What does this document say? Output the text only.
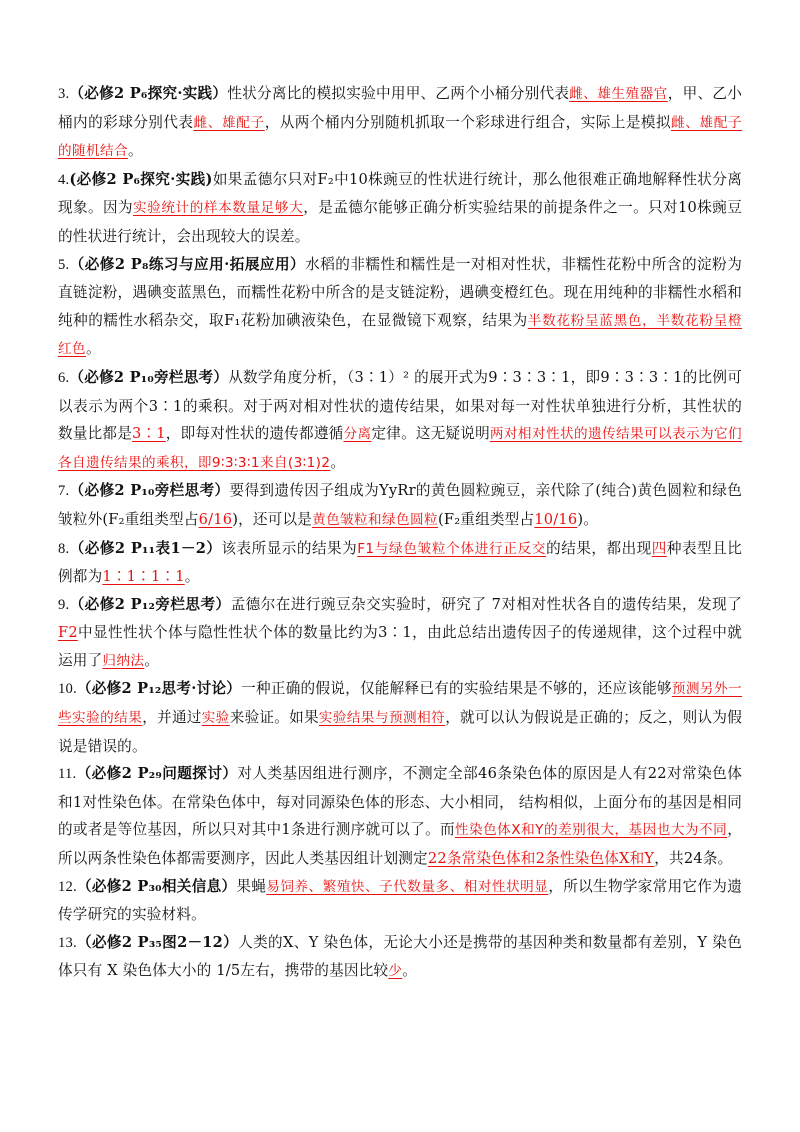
3.（必修2 P₆探究·实践）性状分离比的模拟实验中用甲、乙两个小桶分别代表雌、雄生殖器官，甲、乙小桶内的彩球分别代表雌、雄配子，从两个桶内分别随机抓取一个彩球进行组合，实际上是模拟雌、雄配子的随机结合。

4.(必修2 P₆探究·实践)如果孟德尔只对F₂中10株豌豆的性状进行统计，那么他很难正确地解释性状分离现象。因为实验统计的样本数量足够大，是孟德尔能够正确分析实验结果的前提条件之一。只对10株豌豆的性状进行统计，会出现较大的误差。

5.（必修2 P₈练习与应用·拓展应用）水稻的非糯性和糯性是一对相对性状，非糯性花粉中所含的淀粉为直链淀粉，遇碘变蓝黑色，而糯性花粉中所含的是支链淀粉，遇碘变橙红色。现在用纯种的非糯性水稻和纯种的糯性水稻杂交，取F₁花粉加碘液染色，在显微镜下观察，结果为半数花粉呈蓝黑色，半数花粉呈橙红色。

6.（必修2 P₁₀旁栏思考）从数学角度分析，（3∶1）² 的展开式为9∶3∶3∶1，即9∶3∶3∶1的比例可以表示为两个3∶1的乘积。对于两对相对性状的遗传结果，如果对每一对性状单独进行分析，其性状的数量比都是3∶1，即每对性状的遗传都遵循分离定律。这无疑说明两对相对性状的遗传结果可以表示为它们各自遗传结果的乘积，即9∶3∶3∶1来自(3∶1)2。

7.（必修2 P₁₀旁栏思考）要得到遗传因子组成为YyRr的黄色圆粒豌豆，亲代除了(纯合)黄色圆粒和绿色皱粒外(F₂重组类型占6/16)，还可以是黄色皱粒和绿色圆粒(F₂重组类型占10/16)。

8.（必修2 P₁₁表1－2）该表所显示的结果为F1与绿色皱粒个体进行正反交的结果，都出现四种表型且比例都为1∶1∶1∶1。

9.（必修2 P₁₂旁栏思考）孟德尔在进行豌豆杂交实验时，研究了 7对相对性状各自的遗传结果，发现了F2中显性性状个体与隐性性状个体的数量比约为3∶1，由此总结出遗传因子的传递规律，这个过程中就运用了归纳法。

10.（必修2 P₁₂思考·讨论）一种正确的假说，仅能解释已有的实验结果是不够的，还应该能够预测另外一些实验的结果，并通过实验来验证。如果实验结果与预测相符，就可以认为假说是正确的；反之，则认为假说是错误的。

11.（必修2 P₂₉问题探讨）对人类基因组进行测序，不测定全部46条染色体的原因是人有22对常染色体和1对性染色体。在常染色体中，每对同源染色体的形态、大小相同， 结构相似，上面分布的基因是相同的或者是等位基因，所以只对其中1条进行测序就可以了。而性染色体X和Y的差别很大，基因也大为不同，所以两条性染色体都需要测序，因此人类基因组计划测定22条常染色体和2条性染色体X和Y，共24条。

12.（必修2 P₃₀相关信息）果蝇易饲养、繁殖快、子代数量多、相对性状明显，所以生物学家常用它作为遗传学研究的实验材料。

13.（必修2 P₃₅图2－12）人类的X、Y 染色体，无论大小还是携带的基因种类和数量都有差别，Y 染色体只有 X 染色体大小的 1/5左右，携带的基因比较少。
